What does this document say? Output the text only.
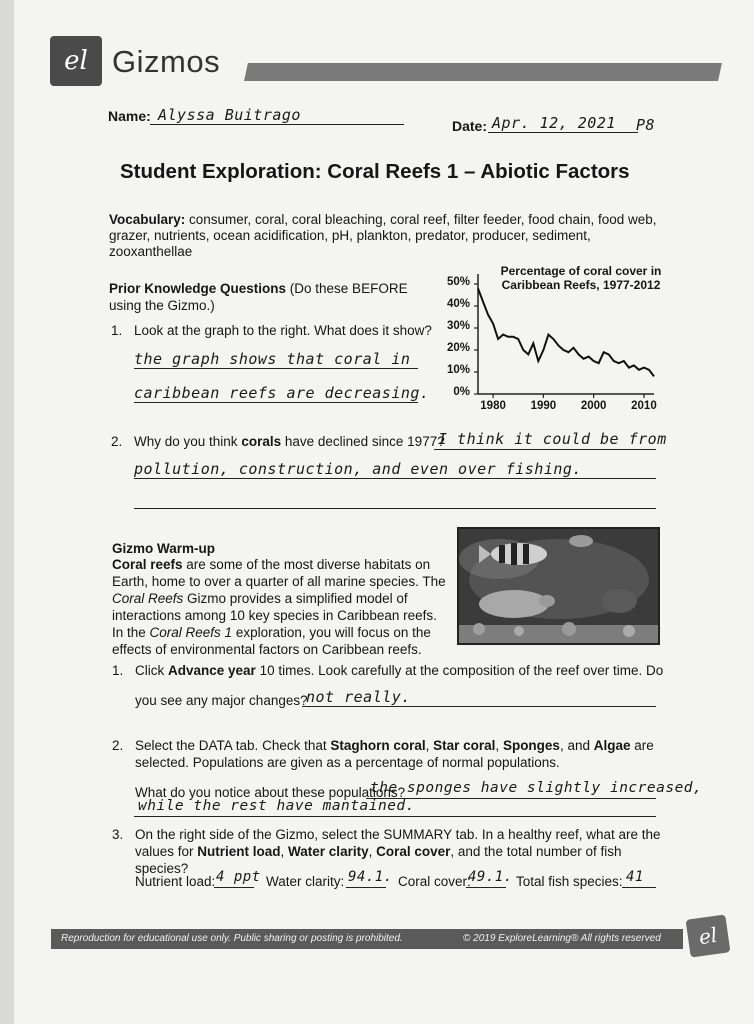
el Gizmos
Name: Alyssa Buitrago
Date: Apr. 12, 2021 P8
Student Exploration: Coral Reefs 1 – Abiotic Factors
Vocabulary: consumer, coral, coral bleaching, coral reef, filter feeder, food chain, food web, grazer, nutrients, ocean acidification, pH, plankton, predator, producer, sediment, zooxanthellae
Prior Knowledge Questions (Do these BEFORE using the Gizmo.)
1. Look at the graph to the right. What does it show?
the graph shows that coral in
caribbean reefs are decreasing.
Percentage of coral cover in Caribbean Reefs, 1977-2012
0%
10%
20%
30%
40%
50%
1980	1990	2000	2010
2. Why do you think corals have declined since 1977?
I think it could be from
pollution, construction, and even over fishing.
Gizmo Warm-up
Coral reefs are some of the most diverse habitats on Earth, home to over a quarter of all marine species. The Coral Reefs Gizmo provides a simplified model of interactions among 10 key species in Caribbean reefs. In the Coral Reefs 1 exploration, you will focus on the effects of environmental factors on Caribbean reefs.
1. Click Advance year 10 times. Look carefully at the composition of the reef over time. Do
you see any major changes?
not really.
2. Select the DATA tab. Check that Staghorn coral, Star coral, Sponges, and Algae are
selected. Populations are given as a percentage of normal populations.
What do you notice about these populations?
the sponges have slightly increased,
while the rest have mantained.
3. On the right side of the Gizmo, select the SUMMARY tab. In a healthy reef, what are the
values for Nutrient load, Water clarity, Coral cover, and the total number of fish species?
Nutrient load: 4 ppt Water clarity: 94.1. Coral cover:
49.1. Total fish species: 41
Reproduction for educational use only. Public sharing or posting is prohibited.	© 2019 ExploreLearning® All rights reserved	el
